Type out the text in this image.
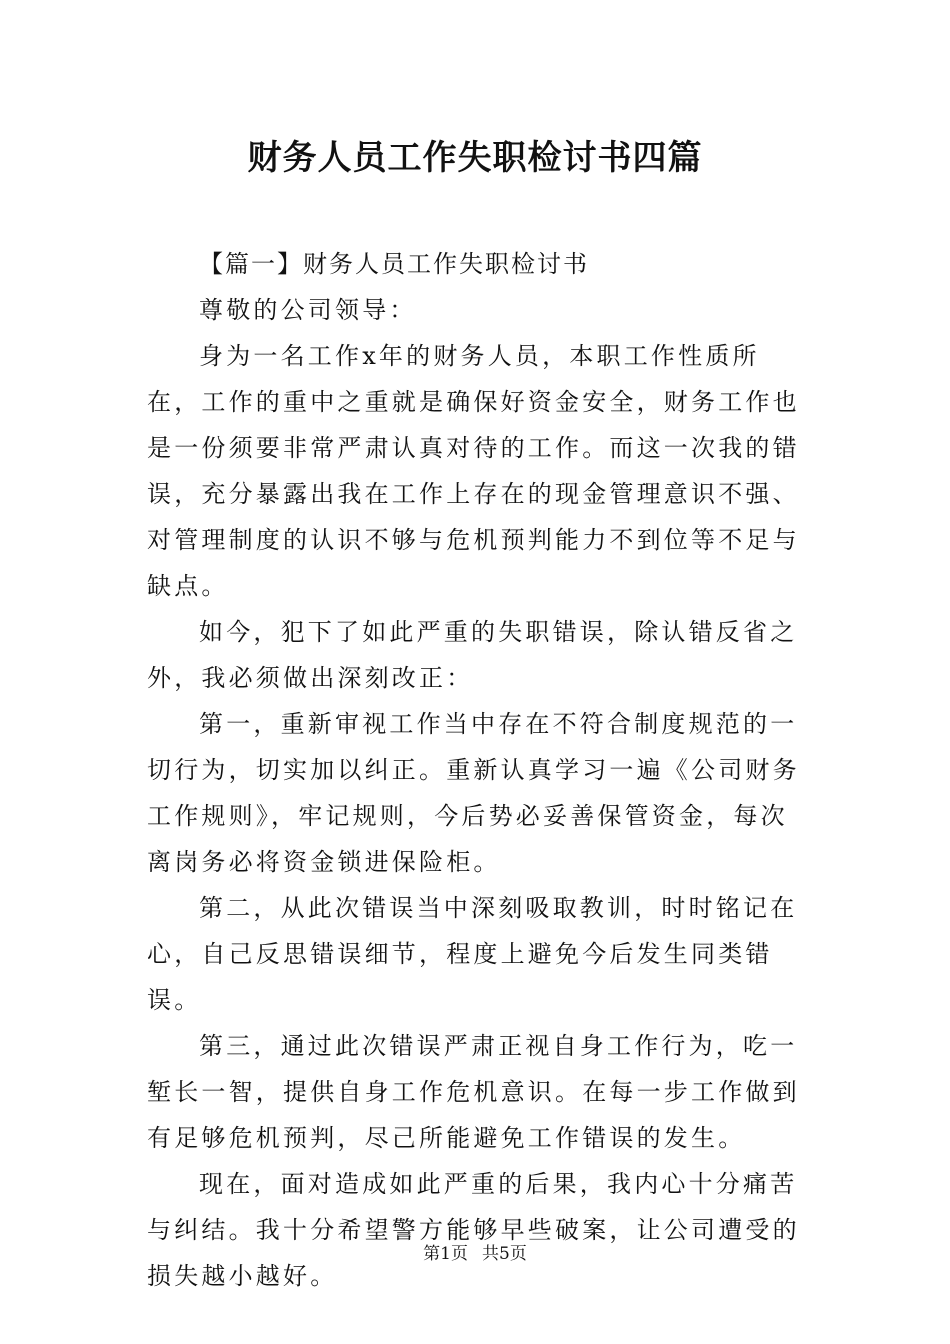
财务人员工作失职检讨书四篇

【篇一】财务人员工作失职检讨书

尊敬的公司领导：

身为一名工作x年的财务人员，本职工作性质所在，工作的重中之重就是确保好资金安全，财务工作也是一份须要非常严肃认真对待的工作。而这一次我的错误，充分暴露出我在工作上存在的现金管理意识不强、对管理制度的认识不够与危机预判能力不到位等不足与缺点。

如今，犯下了如此严重的失职错误，除认错反省之外，我必须做出深刻改正：

第一，重新审视工作当中存在不符合制度规范的一切行为，切实加以纠正。重新认真学习一遍《公司财务工作规则》，牢记规则，今后势必妥善保管资金，每次离岗务必将资金锁进保险柜。

第二，从此次错误当中深刻吸取教训，时时铭记在心，自己反思错误细节，程度上避免今后发生同类错误。

第三，通过此次错误严肃正视自身工作行为，吃一堑长一智，提供自身工作危机意识。在每一步工作做到有足够危机预判，尽己所能避免工作错误的发生。

现在，面对造成如此严重的后果，我内心十分痛苦与纠结。我十分希望警方能够早些破案，让公司遭受的损失越小越好。

第1页 共5页
